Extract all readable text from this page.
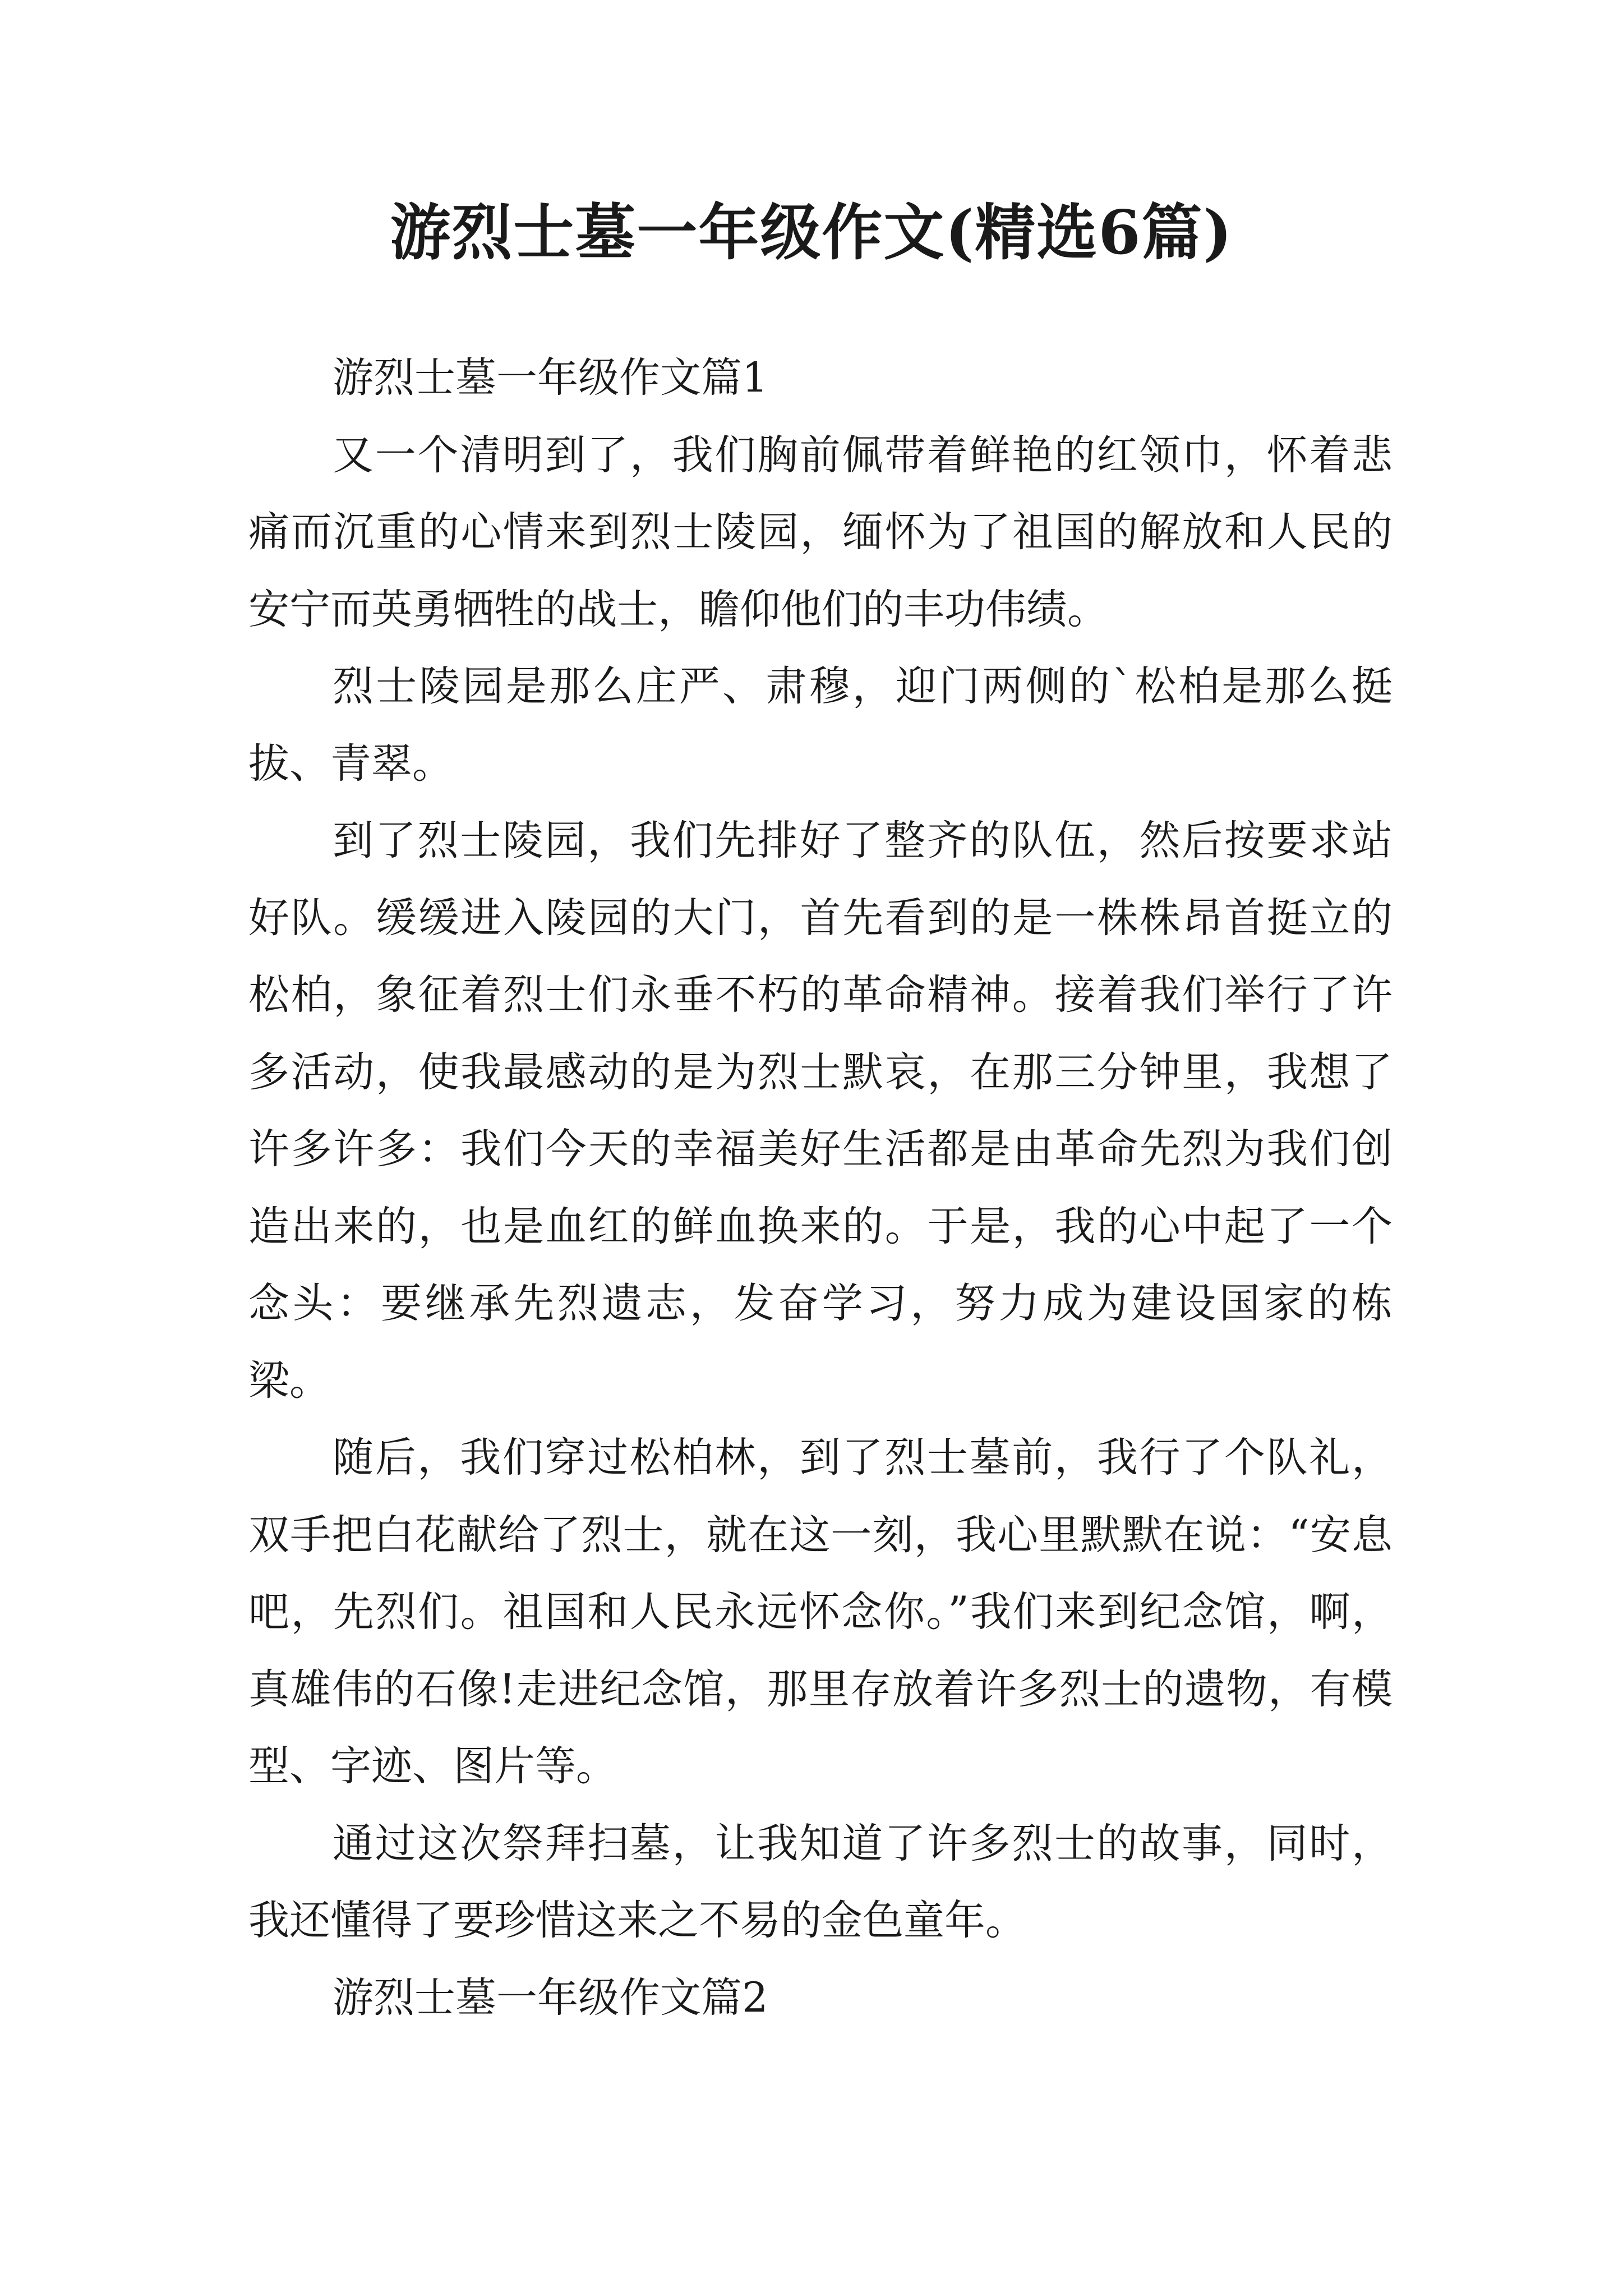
游烈士墓一年级作文(精选6篇)

游烈士墓一年级作文篇1

又一个清明到了，我们胸前佩带着鲜艳的红领巾，怀着悲痛而沉重的心情来到烈士陵园，缅怀为了祖国的解放和人民的安宁而英勇牺牲的战士，瞻仰他们的丰功伟绩。

烈士陵园是那么庄严、肃穆，迎门两侧的`松柏是那么挺拔、青翠。

到了烈士陵园，我们先排好了整齐的队伍，然后按要求站好队。缓缓进入陵园的大门，首先看到的是一株株昂首挺立的松柏，象征着烈士们永垂不朽的革命精神。接着我们举行了许多活动，使我最感动的是为烈士默哀，在那三分钟里，我想了许多许多：我们今天的幸福美好生活都是由革命先烈为我们创造出来的，也是血红的鲜血换来的。于是，我的心中起了一个念头：要继承先烈遗志，发奋学习，努力成为建设国家的栋梁。

随后，我们穿过松柏林，到了烈士墓前，我行了个队礼，双手把白花献给了烈士，就在这一刻，我心里默默在说：“安息吧，先烈们。祖国和人民永远怀念你。”我们来到纪念馆，啊，真雄伟的石像!走进纪念馆，那里存放着许多烈士的遗物，有模型、字迹、图片等。

通过这次祭拜扫墓，让我知道了许多烈士的故事，同时，我还懂得了要珍惜这来之不易的金色童年。

游烈士墓一年级作文篇2
